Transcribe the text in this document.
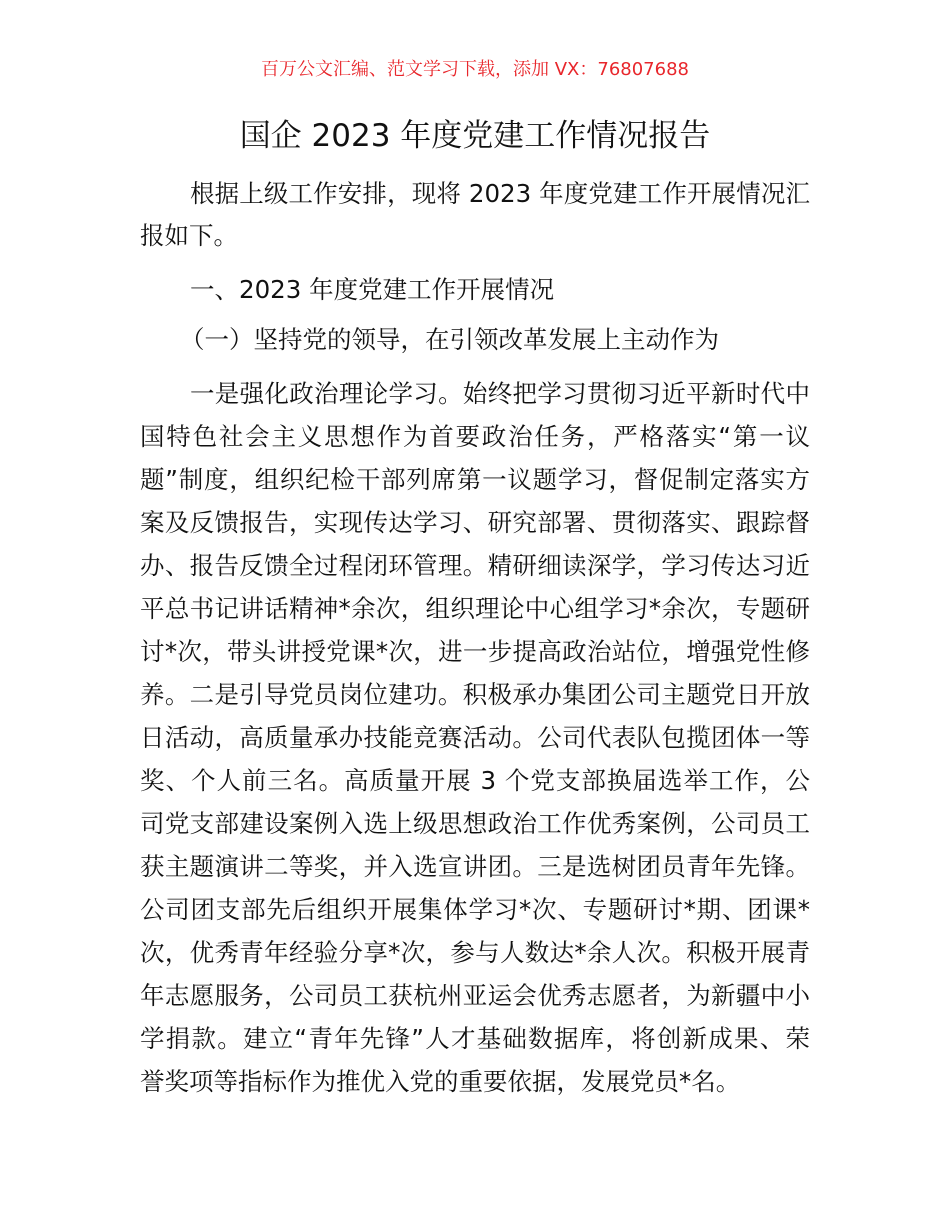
百万公文汇编、范文学习下载，添加 VX：76807688
国企 2023 年度党建工作情况报告
根据上级工作安排，现将 2023 年度党建工作开展情况汇
报如下。
一、2023 年度党建工作开展情况
（一）坚持党的领导，在引领改革发展上主动作为
一是强化政治理论学习。始终把学习贯彻习近平新时代中
国特色社会主义思想作为首要政治任务，严格落实“第一议
题”制度，组织纪检干部列席第一议题学习，督促制定落实方
案及反馈报告，实现传达学习、研究部署、贯彻落实、跟踪督
办、报告反馈全过程闭环管理。精研细读深学，学习传达习近
平总书记讲话精神*余次，组织理论中心组学习*余次，专题研
讨*次，带头讲授党课*次，进一步提高政治站位，增强党性修
养。二是引导党员岗位建功。积极承办集团公司主题党日开放
日活动，高质量承办技能竞赛活动。公司代表队包揽团体一等
奖、个人前三名。高质量开展 3 个党支部换届选举工作，公
司党支部建设案例入选上级思想政治工作优秀案例，公司员工
获主题演讲二等奖，并入选宣讲团。三是选树团员青年先锋。
公司团支部先后组织开展集体学习*次、专题研讨*期、团课*
次，优秀青年经验分享*次，参与人数达*余人次。积极开展青
年志愿服务，公司员工获杭州亚运会优秀志愿者，为新疆中小
学捐款。建立“青年先锋”人才基础数据库，将创新成果、荣
誉奖项等指标作为推优入党的重要依据，发展党员*名。
